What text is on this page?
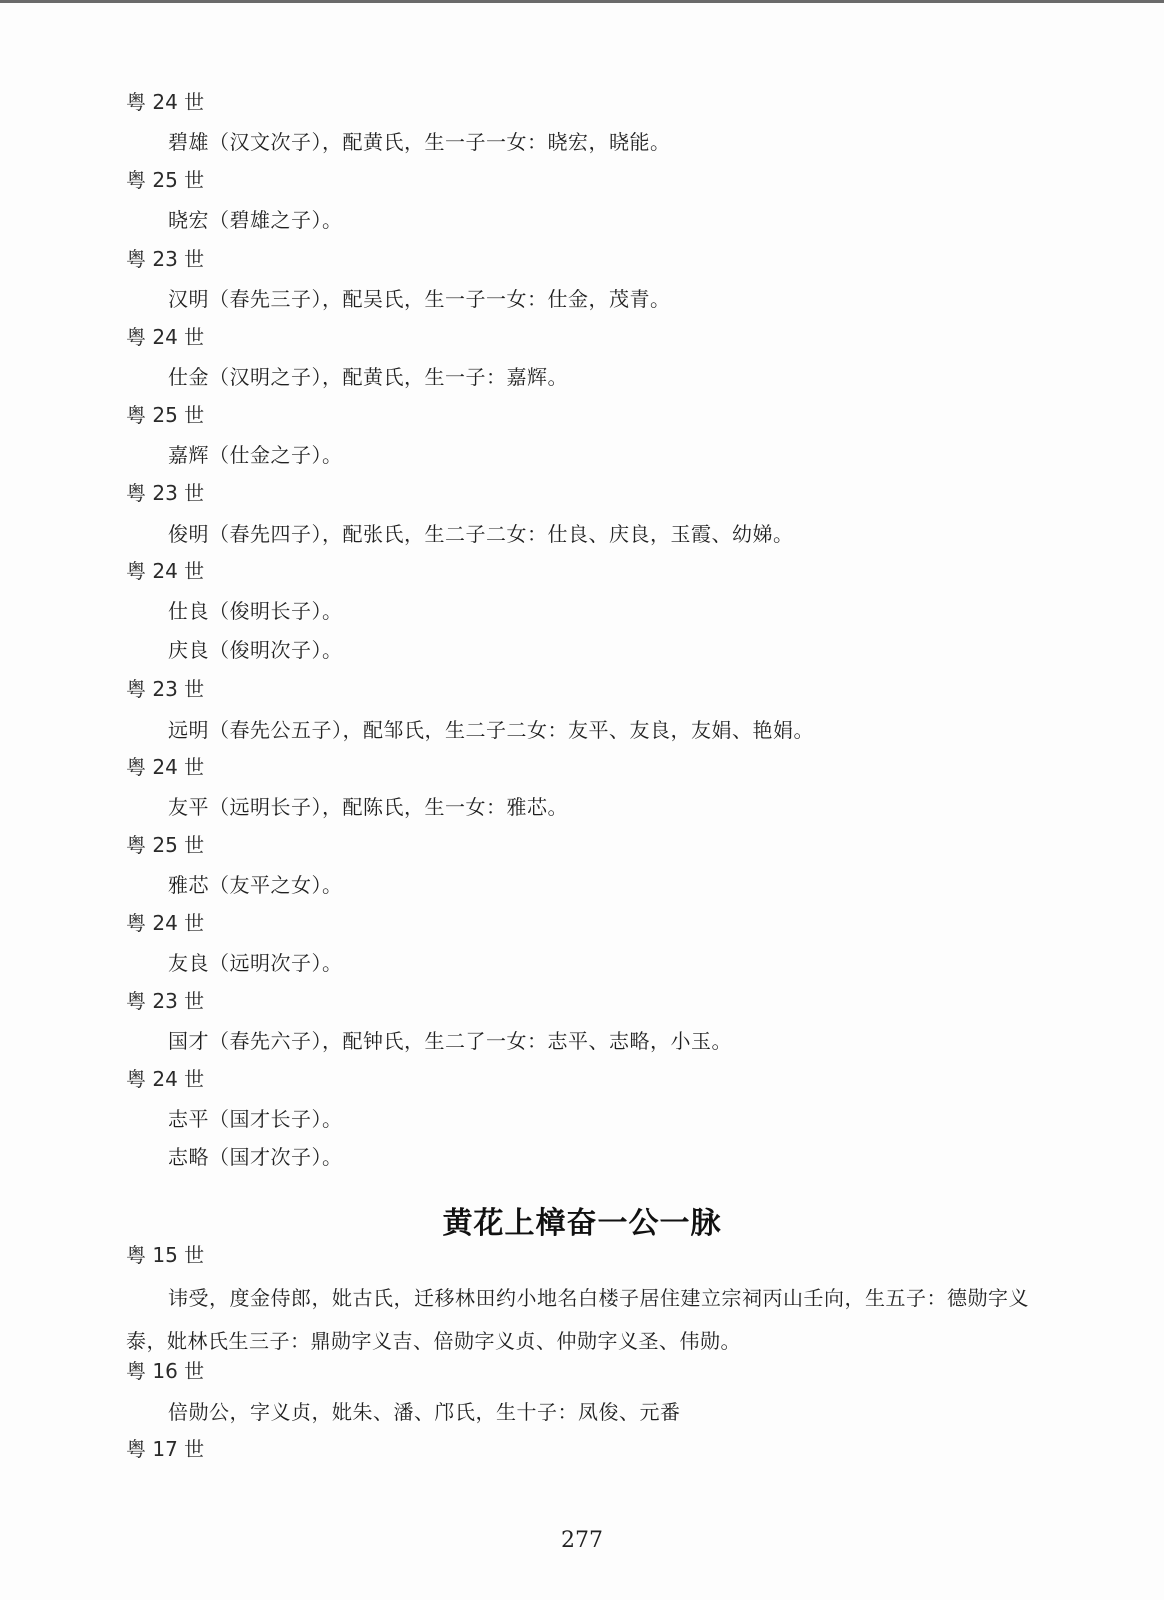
粤 24 世
碧雄（汉文次子），配黄氏，生一子一女：晓宏，晓能。
粤 25 世
晓宏（碧雄之子）。
粤 23 世
汉明（春先三子），配吴氏，生一子一女：仕金，茂青。
粤 24 世
仕金（汉明之子），配黄氏，生一子：嘉辉。
粤 25 世
嘉辉（仕金之子）。
粤 23 世
俊明（春先四子），配张氏，生二子二女：仕良、庆良，玉霞、幼娣。
粤 24 世
仕良（俊明长子）。
庆良（俊明次子）。
粤 23 世
远明（春先公五子），配邹氏，生二子二女：友平、友良，友娟、艳娟。
粤 24 世
友平（远明长子），配陈氏，生一女：雅芯。
粤 25 世
雅芯（友平之女）。
粤 24 世
友良（远明次子）。
粤 23 世
国才（春先六子），配钟氏，生二了一女：志平、志略，小玉。
粤 24 世
志平（国才长子）。
志略（国才次子）。
黄花上樟奋一公一脉
粤 15 世
讳受，度金侍郎，妣古氏，迁移林田约小地名白楼子居住建立宗祠丙山壬向，生五子：德勋字义
泰，妣林氏生三子：鼎勋字义吉、倍勋字义贞、仲勋字义圣、伟勋。
粤 16 世
倍勋公，字义贞，妣朱、潘、邝氏，生十子：凤俊、元番
粤 17 世
277
